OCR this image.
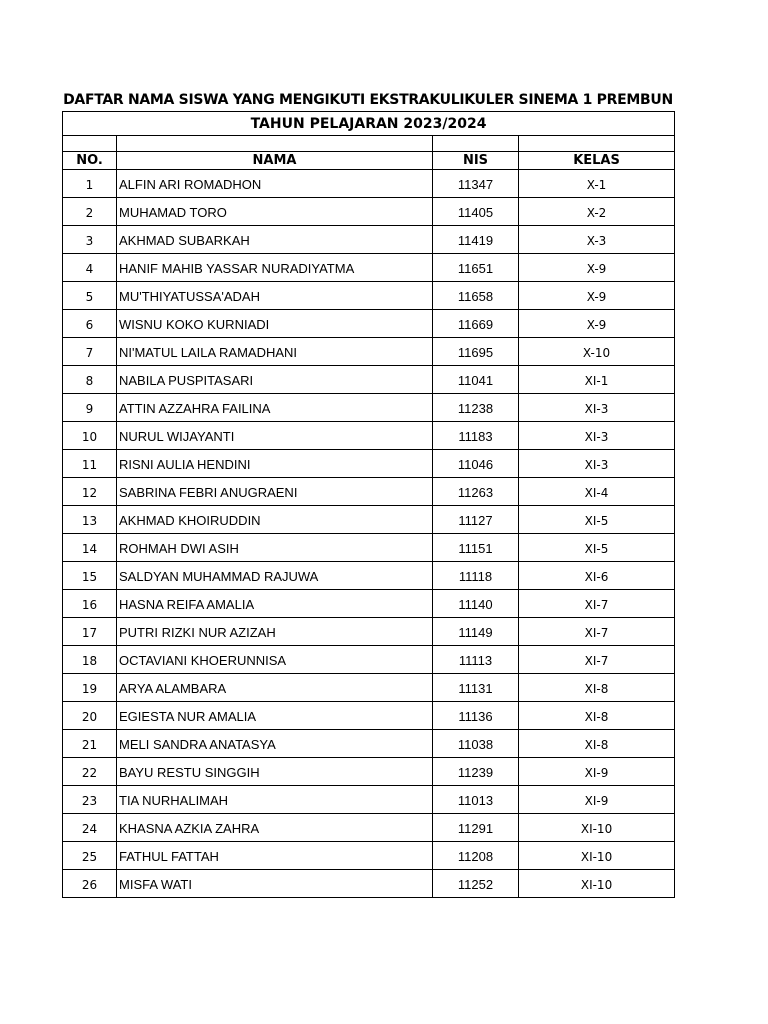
DAFTAR NAMA SISWA YANG MENGIKUTI EKSTRAKULIKULER SINEMA 1 PREMBUN
TAHUN PELAJARAN 2023/2024			

NO.	NAMA	NIS	KELAS
1	ALFIN ARI ROMADHON	11347	X-1
2	MUHAMAD TORO	11405	X-2
3	AKHMAD SUBARKAH	11419	X-3
4	HANIF MAHIB YASSAR NURADIYATMA	11651	X-9
5	MU'THIYATUSSA'ADAH	11658	X-9
6	WISNU KOKO KURNIADI	11669	X-9
7	NI'MATUL LAILA RAMADHANI	11695	X-10
8	NABILA PUSPITASARI	11041	XI-1
9	ATTIN AZZAHRA FAILINA	11238	XI-3
10	NURUL WIJAYANTI	11183	XI-3
11	RISNI AULIA HENDINI	11046	XI-3
12	SABRINA FEBRI ANUGRAENI	11263	XI-4
13	AKHMAD KHOIRUDDIN	11127	XI-5
14	ROHMAH DWI ASIH	11151	XI-5
15	SALDYAN MUHAMMAD RAJUWA	11118	XI-6
16	HASNA REIFA AMALIA	11140	XI-7
17	PUTRI RIZKI NUR AZIZAH	11149	XI-7
18	OCTAVIANI KHOERUNNISA	11113	XI-7
19	ARYA ALAMBARA	11131	XI-8
20	EGIESTA NUR AMALIA	11136	XI-8
21	MELI SANDRA ANATASYA	11038	XI-8
22	BAYU RESTU SINGGIH	11239	XI-9
23	TIA NURHALIMAH	11013	XI-9
24	KHASNA AZKIA ZAHRA	11291	XI-10
25	FATHUL FATTAH	11208	XI-10
26	MISFA WATI	11252	XI-10
